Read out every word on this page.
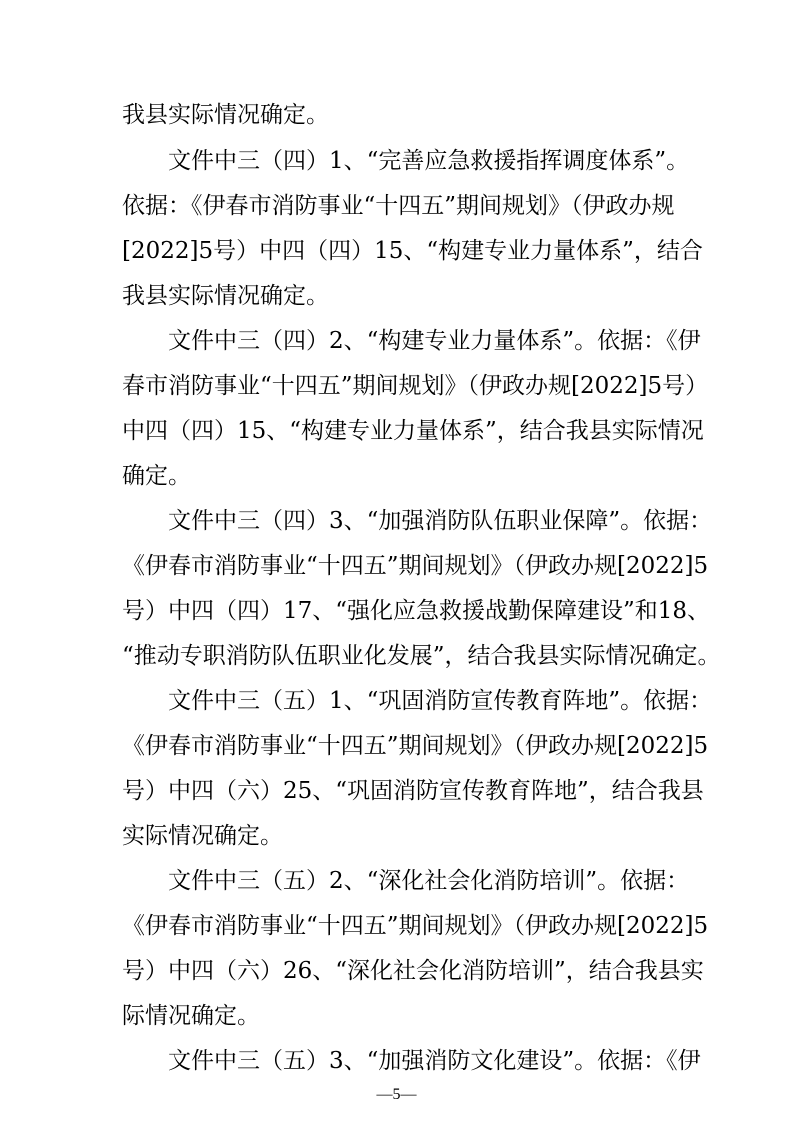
我县实际情况确定。
文件中三（四）1、“完善应急救援指挥调度体系”。
依据：《伊春市消防事业“十四五”期间规划》（伊政办规
[2022]5号）中四（四）15、“构建专业力量体系”，结合
我县实际情况确定。
文件中三（四）2、“构建专业力量体系”。依据：《伊
春市消防事业“十四五”期间规划》（伊政办规[2022]5号）
中四（四）15、“构建专业力量体系”，结合我县实际情况
确定。
文件中三（四）3、“加强消防队伍职业保障”。依据：
《伊春市消防事业“十四五”期间规划》（伊政办规[2022]5
号）中四（四）17、“强化应急救援战勤保障建设”和18、
“推动专职消防队伍职业化发展”，结合我县实际情况确定。
文件中三（五）1、“巩固消防宣传教育阵地”。依据：
《伊春市消防事业“十四五”期间规划》（伊政办规[2022]5
号）中四（六）25、“巩固消防宣传教育阵地”，结合我县
实际情况确定。
文件中三（五）2、“深化社会化消防培训”。依据：
《伊春市消防事业“十四五”期间规划》（伊政办规[2022]5
号）中四（六）26、“深化社会化消防培训”，结合我县实
际情况确定。
文件中三（五）3、“加强消防文化建设”。依据：《伊
—5—
